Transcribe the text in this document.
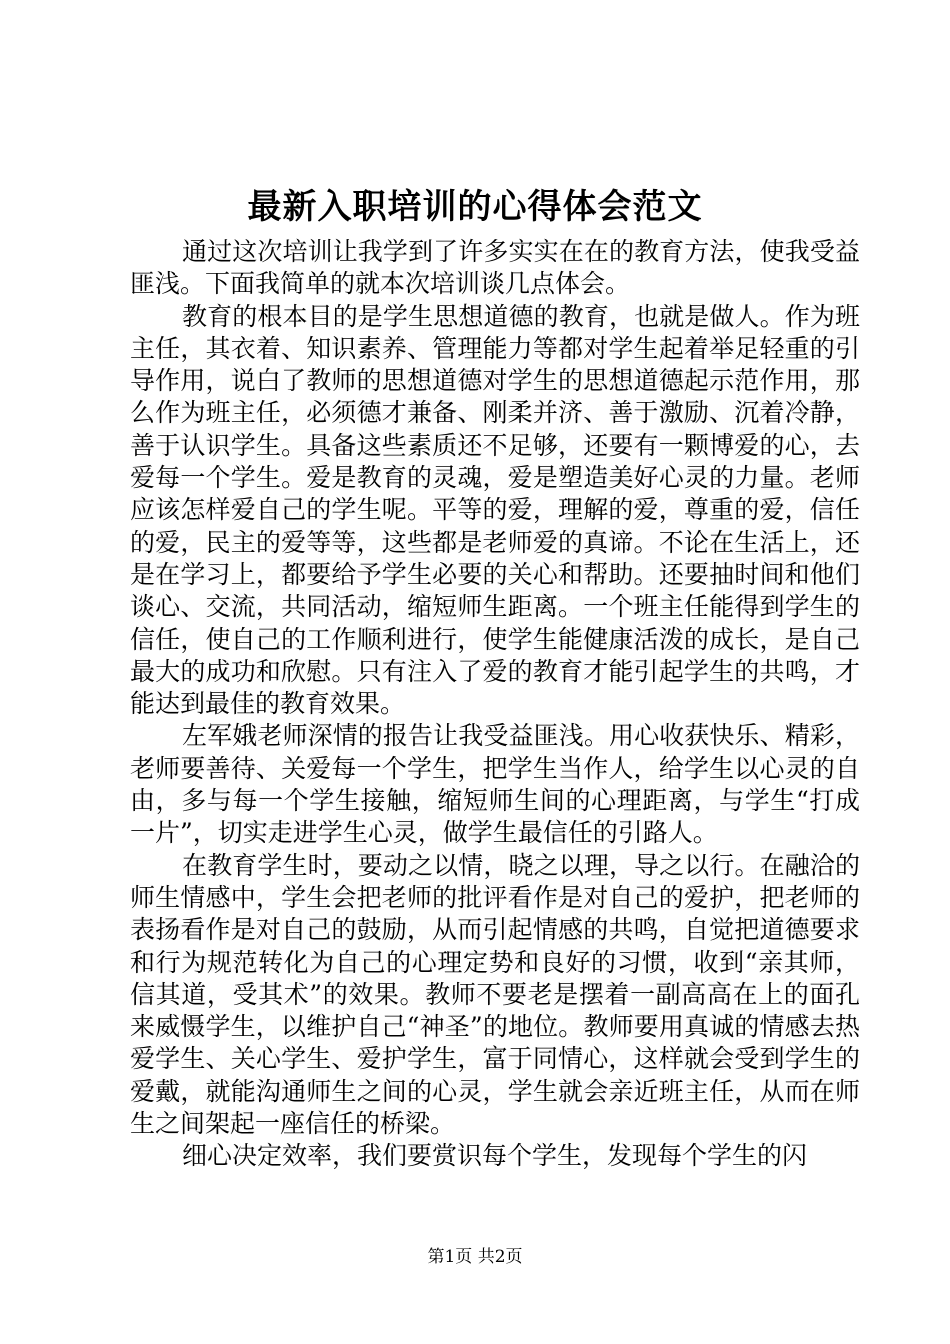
最新入职培训的心得体会范文

通过这次培训让我学到了许多实实在在的教育方法，使我受益匪浅。下面我简单的就本次培训谈几点体会。

教育的根本目的是学生思想道德的教育，也就是做人。作为班主任，其衣着、知识素养、管理能力等都对学生起着举足轻重的引导作用，说白了教师的思想道德对学生的思想道德起示范作用，那么作为班主任，必须德才兼备、刚柔并济、善于激励、沉着冷静，善于认识学生。具备这些素质还不足够，还要有一颗博爱的心，去爱每一个学生。爱是教育的灵魂，爱是塑造美好心灵的力量。老师应该怎样爱自己的学生呢。平等的爱，理解的爱，尊重的爱，信任的爱，民主的爱等等，这些都是老师爱的真谛。不论在生活上，还是在学习上，都要给予学生必要的关心和帮助。还要抽时间和他们谈心、交流，共同活动，缩短师生距离。一个班主任能得到学生的信任，使自己的工作顺利进行，使学生能健康活泼的成长，是自己最大的成功和欣慰。只有注入了爱的教育才能引起学生的共鸣，才能达到最佳的教育效果。

左军娥老师深情的报告让我受益匪浅。用心收获快乐、精彩，老师要善待、关爱每一个学生，把学生当作人，给学生以心灵的自由，多与每一个学生接触，缩短师生间的心理距离，与学生“打成一片”，切实走进学生心灵，做学生最信任的引路人。

在教育学生时，要动之以情，晓之以理，导之以行。在融洽的师生情感中，学生会把老师的批评看作是对自己的爱护，把老师的表扬看作是对自己的鼓励，从而引起情感的共鸣，自觉把道德要求和行为规范转化为自己的心理定势和良好的习惯，收到“亲其师，信其道，受其术”的效果。教师不要老是摆着一副高高在上的面孔来威慑学生，以维护自己“神圣”的地位。教师要用真诚的情感去热爱学生、关心学生、爱护学生，富于同情心，这样就会受到学生的爱戴，就能沟通师生之间的心灵，学生就会亲近班主任，从而在师生之间架起一座信任的桥梁。

细心决定效率，我们要赏识每个学生，发现每个学生的闪

第1页 共2页
